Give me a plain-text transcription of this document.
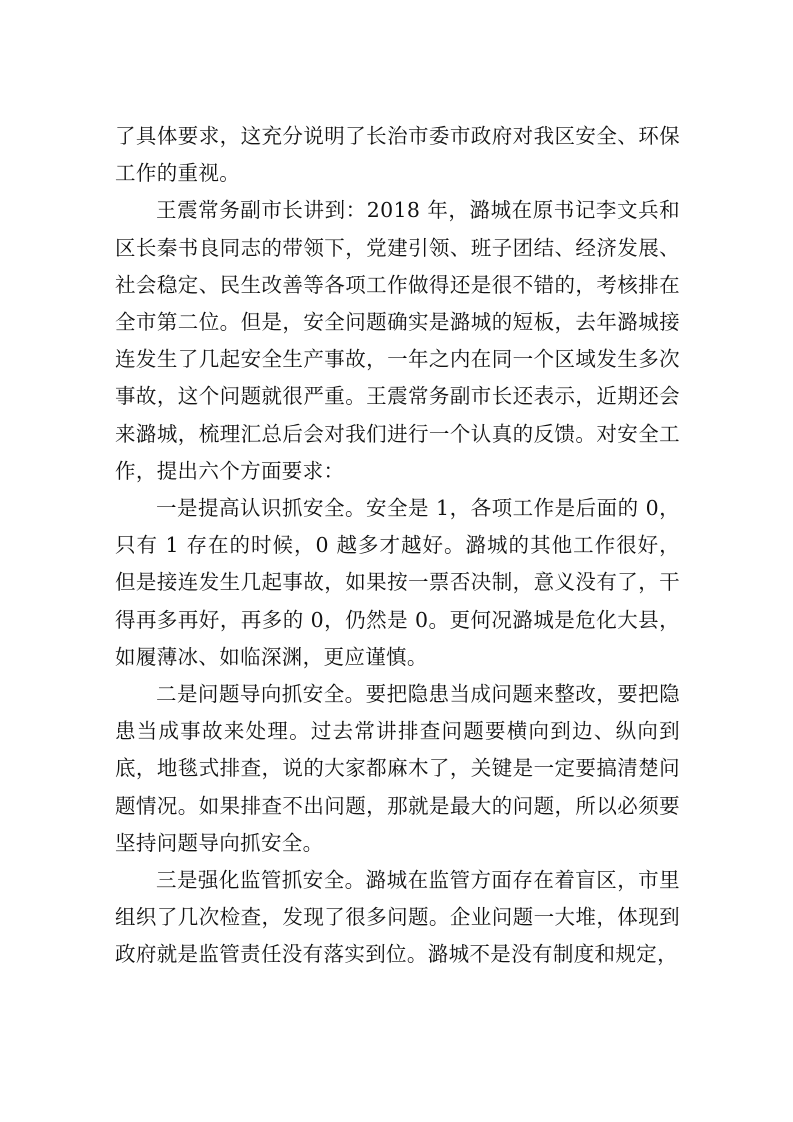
了具体要求，这充分说明了长治市委市政府对我区安全、环保工作的重视。

王震常务副市长讲到：2018 年，潞城在原书记李文兵和区长秦书良同志的带领下，党建引领、班子团结、经济发展、社会稳定、民生改善等各项工作做得还是很不错的，考核排在全市第二位。但是，安全问题确实是潞城的短板，去年潞城接连发生了几起安全生产事故，一年之内在同一个区域发生多次事故，这个问题就很严重。王震常务副市长还表示，近期还会来潞城，梳理汇总后会对我们进行一个认真的反馈。对安全工作，提出六个方面要求：

一是提高认识抓安全。安全是 1，各项工作是后面的 0，只有 1 存在的时候，0 越多才越好。潞城的其他工作很好，但是接连发生几起事故，如果按一票否决制，意义没有了，干得再多再好，再多的 0，仍然是 0。更何况潞城是危化大县，如履薄冰、如临深渊，更应谨慎。

二是问题导向抓安全。要把隐患当成问题来整改，要把隐患当成事故来处理。过去常讲排查问题要横向到边、纵向到底，地毯式排查，说的大家都麻木了，关键是一定要搞清楚问题情况。如果排查不出问题，那就是最大的问题，所以必须要坚持问题导向抓安全。

三是强化监管抓安全。潞城在监管方面存在着盲区，市里组织了几次检查，发现了很多问题。企业问题一大堆，体现到政府就是监管责任没有落实到位。潞城不是没有制度和规定，
